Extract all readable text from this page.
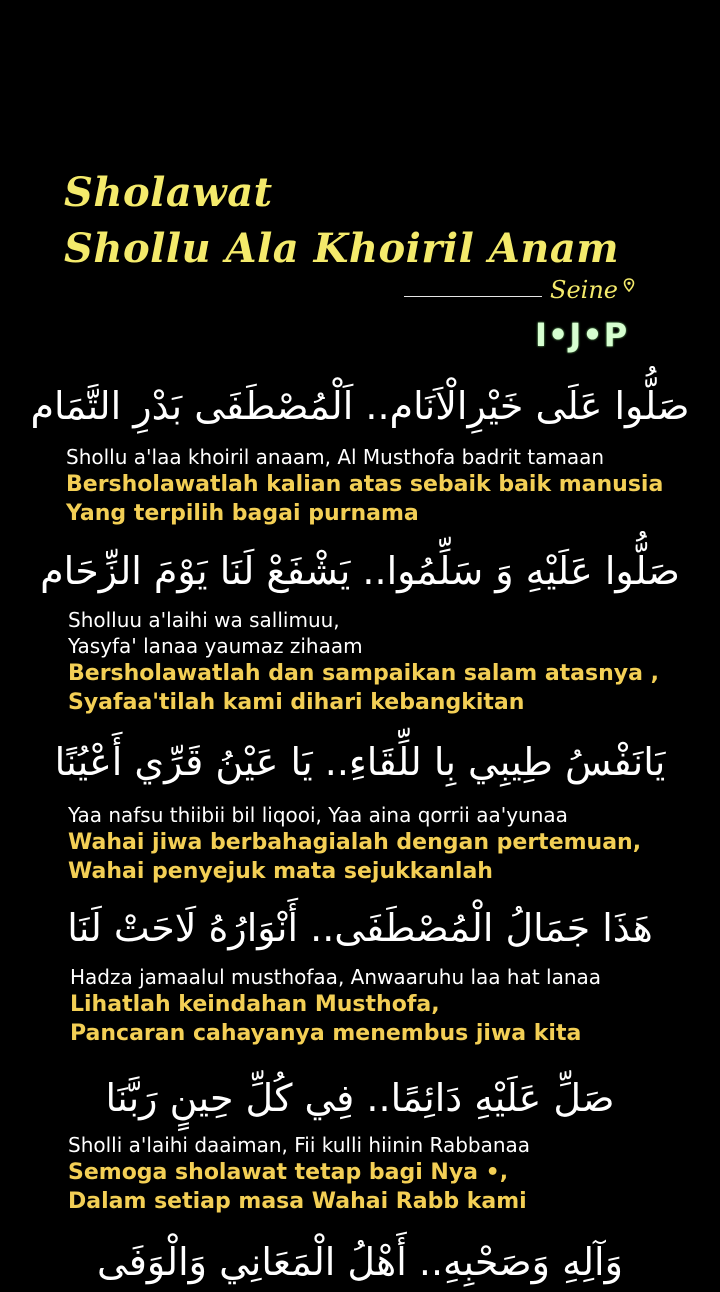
Sholawat
Shollu Ala Khoiril Anam
Seine
I•J•P
صَلُّوا عَلَى خَيْرِالْاَنَام.. اَلْمُصْطَفَى بَدْرِ التَّمَام
Shollu a'laa khoiril anaam, Al Musthofa badrit tamaan
Bersholawatlah kalian atas sebaik baik manusia
Yang terpilih bagai purnama
صَلُّوا عَلَيْهِ وَ سَلِّمُوا.. يَشْفَعْ لَنَا يَوْمَ الزِّحَام
Sholluu a'laihi wa sallimuu,
Yasyfa' lanaa yaumaz zihaam
Bersholawatlah dan sampaikan salam atasnya ,
Syafaa'tilah kami dihari kebangkitan
يَانَفْسُ طِيبِي بِا للِّقَاءِ.. يَا عَيْنُ قَرِّي أَعْيُنًا
Yaa nafsu thiibii bil liqooi, Yaa aina qorrii aa'yunaa
Wahai jiwa berbahagialah dengan pertemuan,
Wahai penyejuk mata sejukkanlah
هَذَا جَمَالُ الْمُصْطَفَى.. أَنْوَارُهُ لَاحَتْ لَنَا
Hadza jamaalul musthofaa, Anwaaruhu laa hat lanaa
Lihatlah keindahan Musthofa,
Pancaran cahayanya menembus jiwa kita
صَلِّ عَلَيْهِ دَائِمًا.. فِي كُلِّ حِينٍ رَبَّنَا
Sholli a'laihi daaiman, Fii kulli hiinin Rabbanaa
Semoga sholawat tetap bagi Nya •,
Dalam setiap masa Wahai Rabb kami
وَآلِهِ وَصَحْبِهِ.. أَهْلُ الْمَعَانِي وَالْوَفَى
